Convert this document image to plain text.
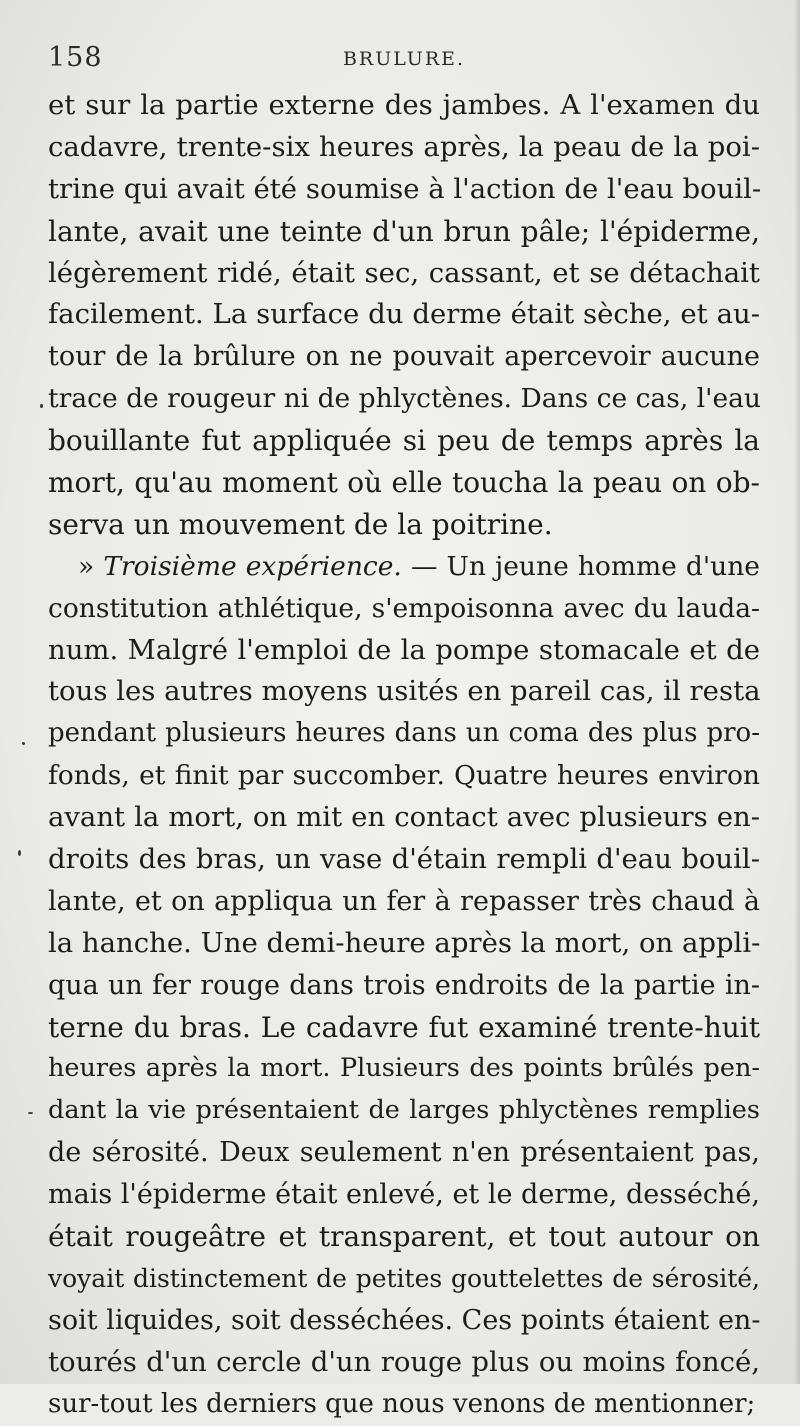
158	BRULURE.
et sur la partie externe des jambes. A l'examen du
cadavre, trente-six heures après, la peau de la poi-
trine qui avait été soumise à l'action de l'eau bouil-
lante, avait une teinte d'un brun pâle; l'épiderme,
légèrement ridé, était sec, cassant, et se détachait
facilement. La surface du derme était sèche, et au-
tour de la brûlure on ne pouvait apercevoir aucune
trace de rougeur ni de phlyctènes. Dans ce cas, l'eau
bouillante fut appliquée si peu de temps après la
mort, qu'au moment où elle toucha la peau on ob-
serva un mouvement de la poitrine.
» Troisième expérience. — Un jeune homme d'une
constitution athlétique, s'empoisonna avec du lauda-
num. Malgré l'emploi de la pompe stomacale et de
tous les autres moyens usités en pareil cas, il resta
pendant plusieurs heures dans un coma des plus pro-
fonds, et finit par succomber. Quatre heures environ
avant la mort, on mit en contact avec plusieurs en-
droits des bras, un vase d'étain rempli d'eau bouil-
lante, et on appliqua un fer à repasser très chaud à
la hanche. Une demi-heure après la mort, on appli-
qua un fer rouge dans trois endroits de la partie in-
terne du bras. Le cadavre fut examiné trente-huit
heures après la mort. Plusieurs des points brûlés pen-
dant la vie présentaient de larges phlyctènes remplies
de sérosité. Deux seulement n'en présentaient pas,
mais l'épiderme était enlevé, et le derme, desséché,
était rougeâtre et transparent, et tout autour on
voyait distinctement de petites gouttelettes de sérosité,
soit liquides, soit desséchées. Ces points étaient en-
tourés d'un cercle d'un rouge plus ou moins foncé,
sur-tout les derniers que nous venons de mentionner;
